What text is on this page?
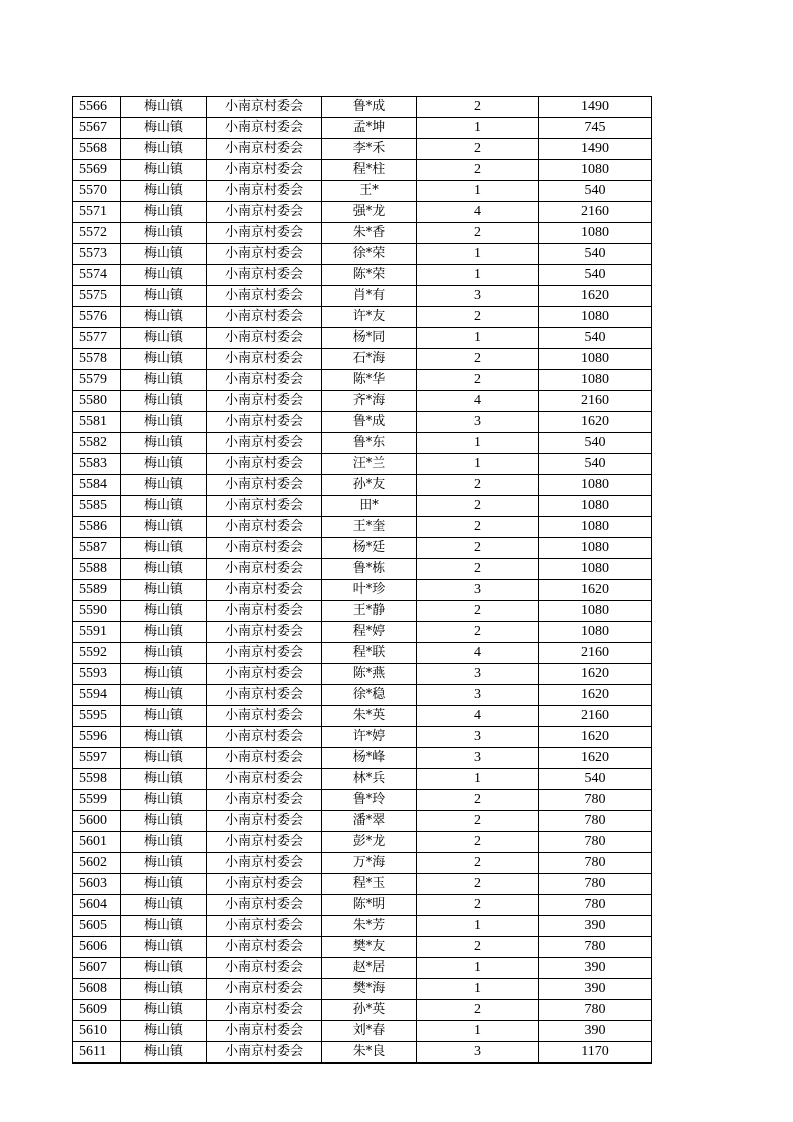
5566	梅山镇	小南京村委会	鲁*成	2	1490
5567	梅山镇	小南京村委会	孟*坤	1	745
5568	梅山镇	小南京村委会	李*禾	2	1490
5569	梅山镇	小南京村委会	程*柱	2	1080
5570	梅山镇	小南京村委会	王*	1	540
5571	梅山镇	小南京村委会	强*龙	4	2160
5572	梅山镇	小南京村委会	朱*香	2	1080
5573	梅山镇	小南京村委会	徐*荣	1	540
5574	梅山镇	小南京村委会	陈*荣	1	540
5575	梅山镇	小南京村委会	肖*有	3	1620
5576	梅山镇	小南京村委会	许*友	2	1080
5577	梅山镇	小南京村委会	杨*同	1	540
5578	梅山镇	小南京村委会	石*海	2	1080
5579	梅山镇	小南京村委会	陈*华	2	1080
5580	梅山镇	小南京村委会	齐*海	4	2160
5581	梅山镇	小南京村委会	鲁*成	3	1620
5582	梅山镇	小南京村委会	鲁*东	1	540
5583	梅山镇	小南京村委会	汪*兰	1	540
5584	梅山镇	小南京村委会	孙*友	2	1080
5585	梅山镇	小南京村委会	田*	2	1080
5586	梅山镇	小南京村委会	王*奎	2	1080
5587	梅山镇	小南京村委会	杨*廷	2	1080
5588	梅山镇	小南京村委会	鲁*栋	2	1080
5589	梅山镇	小南京村委会	叶*珍	3	1620
5590	梅山镇	小南京村委会	王*静	2	1080
5591	梅山镇	小南京村委会	程*婷	2	1080
5592	梅山镇	小南京村委会	程*联	4	2160
5593	梅山镇	小南京村委会	陈*燕	3	1620
5594	梅山镇	小南京村委会	徐*稳	3	1620
5595	梅山镇	小南京村委会	朱*英	4	2160
5596	梅山镇	小南京村委会	许*婷	3	1620
5597	梅山镇	小南京村委会	杨*峰	3	1620
5598	梅山镇	小南京村委会	林*兵	1	540
5599	梅山镇	小南京村委会	鲁*玲	2	780
5600	梅山镇	小南京村委会	潘*翠	2	780
5601	梅山镇	小南京村委会	彭*龙	2	780
5602	梅山镇	小南京村委会	万*海	2	780
5603	梅山镇	小南京村委会	程*玉	2	780
5604	梅山镇	小南京村委会	陈*明	2	780
5605	梅山镇	小南京村委会	朱*芳	1	390
5606	梅山镇	小南京村委会	樊*友	2	780
5607	梅山镇	小南京村委会	赵*居	1	390
5608	梅山镇	小南京村委会	樊*海	1	390
5609	梅山镇	小南京村委会	孙*英	2	780
5610	梅山镇	小南京村委会	刘*春	1	390
5611	梅山镇	小南京村委会	朱*良	3	1170
